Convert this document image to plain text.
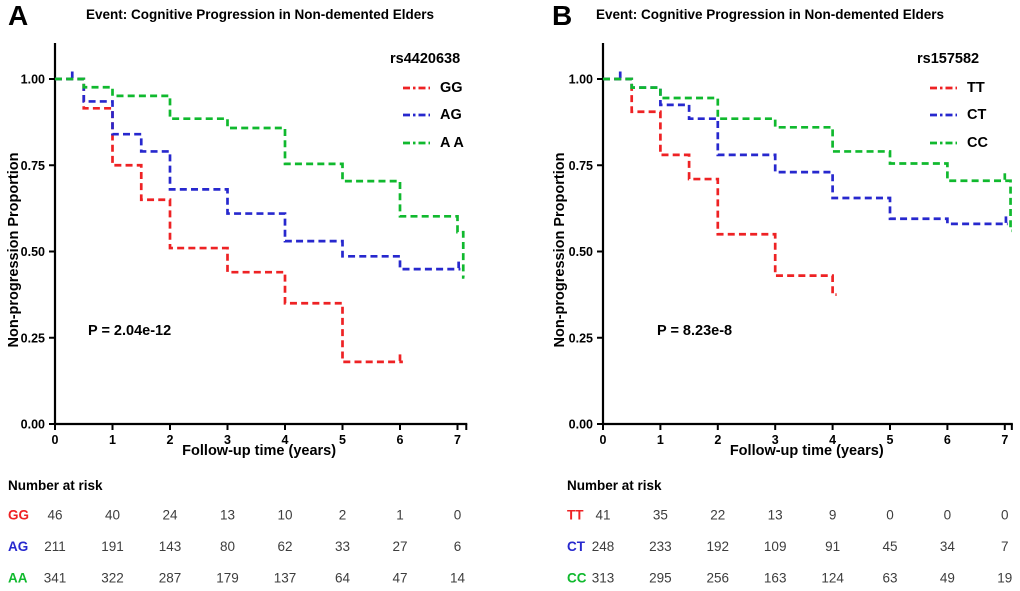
A	Event: Cognitive Progression in Non-demented Elders
Non-progression Proportion
Follow-up time (years)
P = 2.04e-12
rs4420638
GG
AG
A A
Number at risk
1.00
0.75
0.50
0.25
0.00
0	1	2	3	4	5	6	7
GG 46	40	24	13	10	2	1	0
AG 211	191	143	80	62	33	27	6
AA 341	322	287	179	137	64	47	14
B	Event: Cognitive Progression in Non-demented Elders
Non-progression Proportion
Follow-up time (years)
P = 8.23e-8
rs157582
TT
CT
CC
Number at risk
1.00
0.75
0.50
0.25
0.00
0	1	2	3	4	5	6	7
TT 41	35	22	13	9	0	0	0
CT 248	233	192	109	91	45	34	7
CC 313	295	256	163	124	63	49	19
